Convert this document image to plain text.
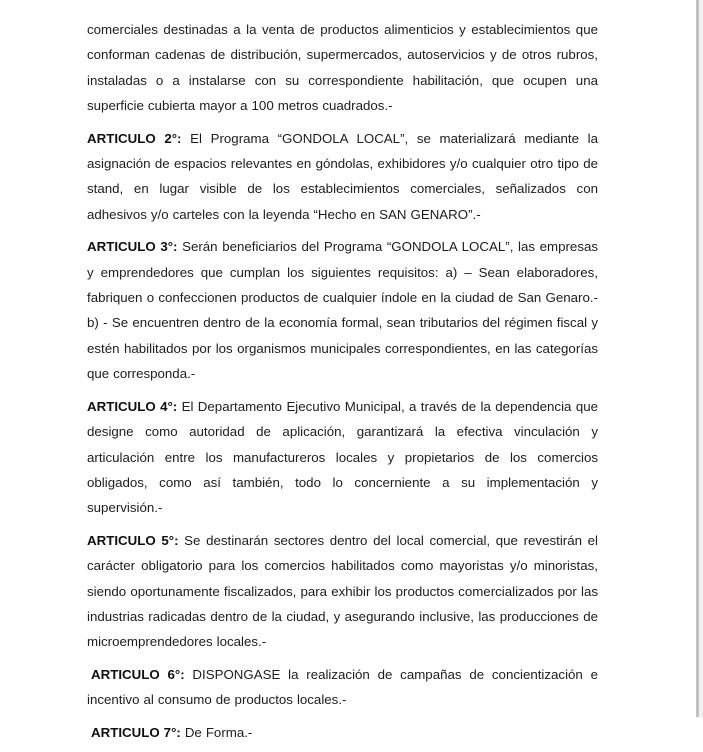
comerciales destinadas a la venta de productos alimenticios y establecimientos que conforman cadenas de distribución, supermercados, autoservicios y de otros rubros, instaladas o a instalarse con su correspondiente habilitación, que ocupen una superficie cubierta mayor a 100 metros cuadrados.-

ARTICULO 2°: El Programa “GONDOLA LOCAL”, se materializará mediante la asignación de espacios relevantes en góndolas, exhibidores y/o cualquier otro tipo de stand, en lugar visible de los establecimientos comerciales, señalizados con adhesivos y/o carteles con la leyenda “Hecho en SAN GENARO”.-

ARTICULO 3°: Serán beneficiarios del Programa “GONDOLA LOCAL”, las empresas y emprendedores que cumplan los siguientes requisitos: a) – Sean elaboradores, fabriquen o confeccionen productos de cualquier índole en la ciudad de San Genaro.- b) - Se encuentren dentro de la economía formal, sean tributarios del régimen fiscal y estén habilitados por los organismos municipales correspondientes, en las categorías que corresponda.-

ARTICULO 4°: El Departamento Ejecutivo Municipal, a través de la dependencia que designe como autoridad de aplicación, garantizará la efectiva vinculación y articulación entre los manufactureros locales y propietarios de los comercios obligados, como así también, todo lo concerniente a su implementación y supervisión.-

ARTICULO 5°: Se destinarán sectores dentro del local comercial, que revestirán el carácter obligatorio para los comercios habilitados como mayoristas y/o minoristas, siendo oportunamente fiscalizados, para exhibir los productos comercializados por las industrias radicadas dentro de la ciudad, y asegurando inclusive, las producciones de microemprendedores locales.-

ARTICULO 6°: DISPONGASE la realización de campañas de concientización e incentivo al consumo de productos locales.-

ARTICULO 7°: De Forma.-
